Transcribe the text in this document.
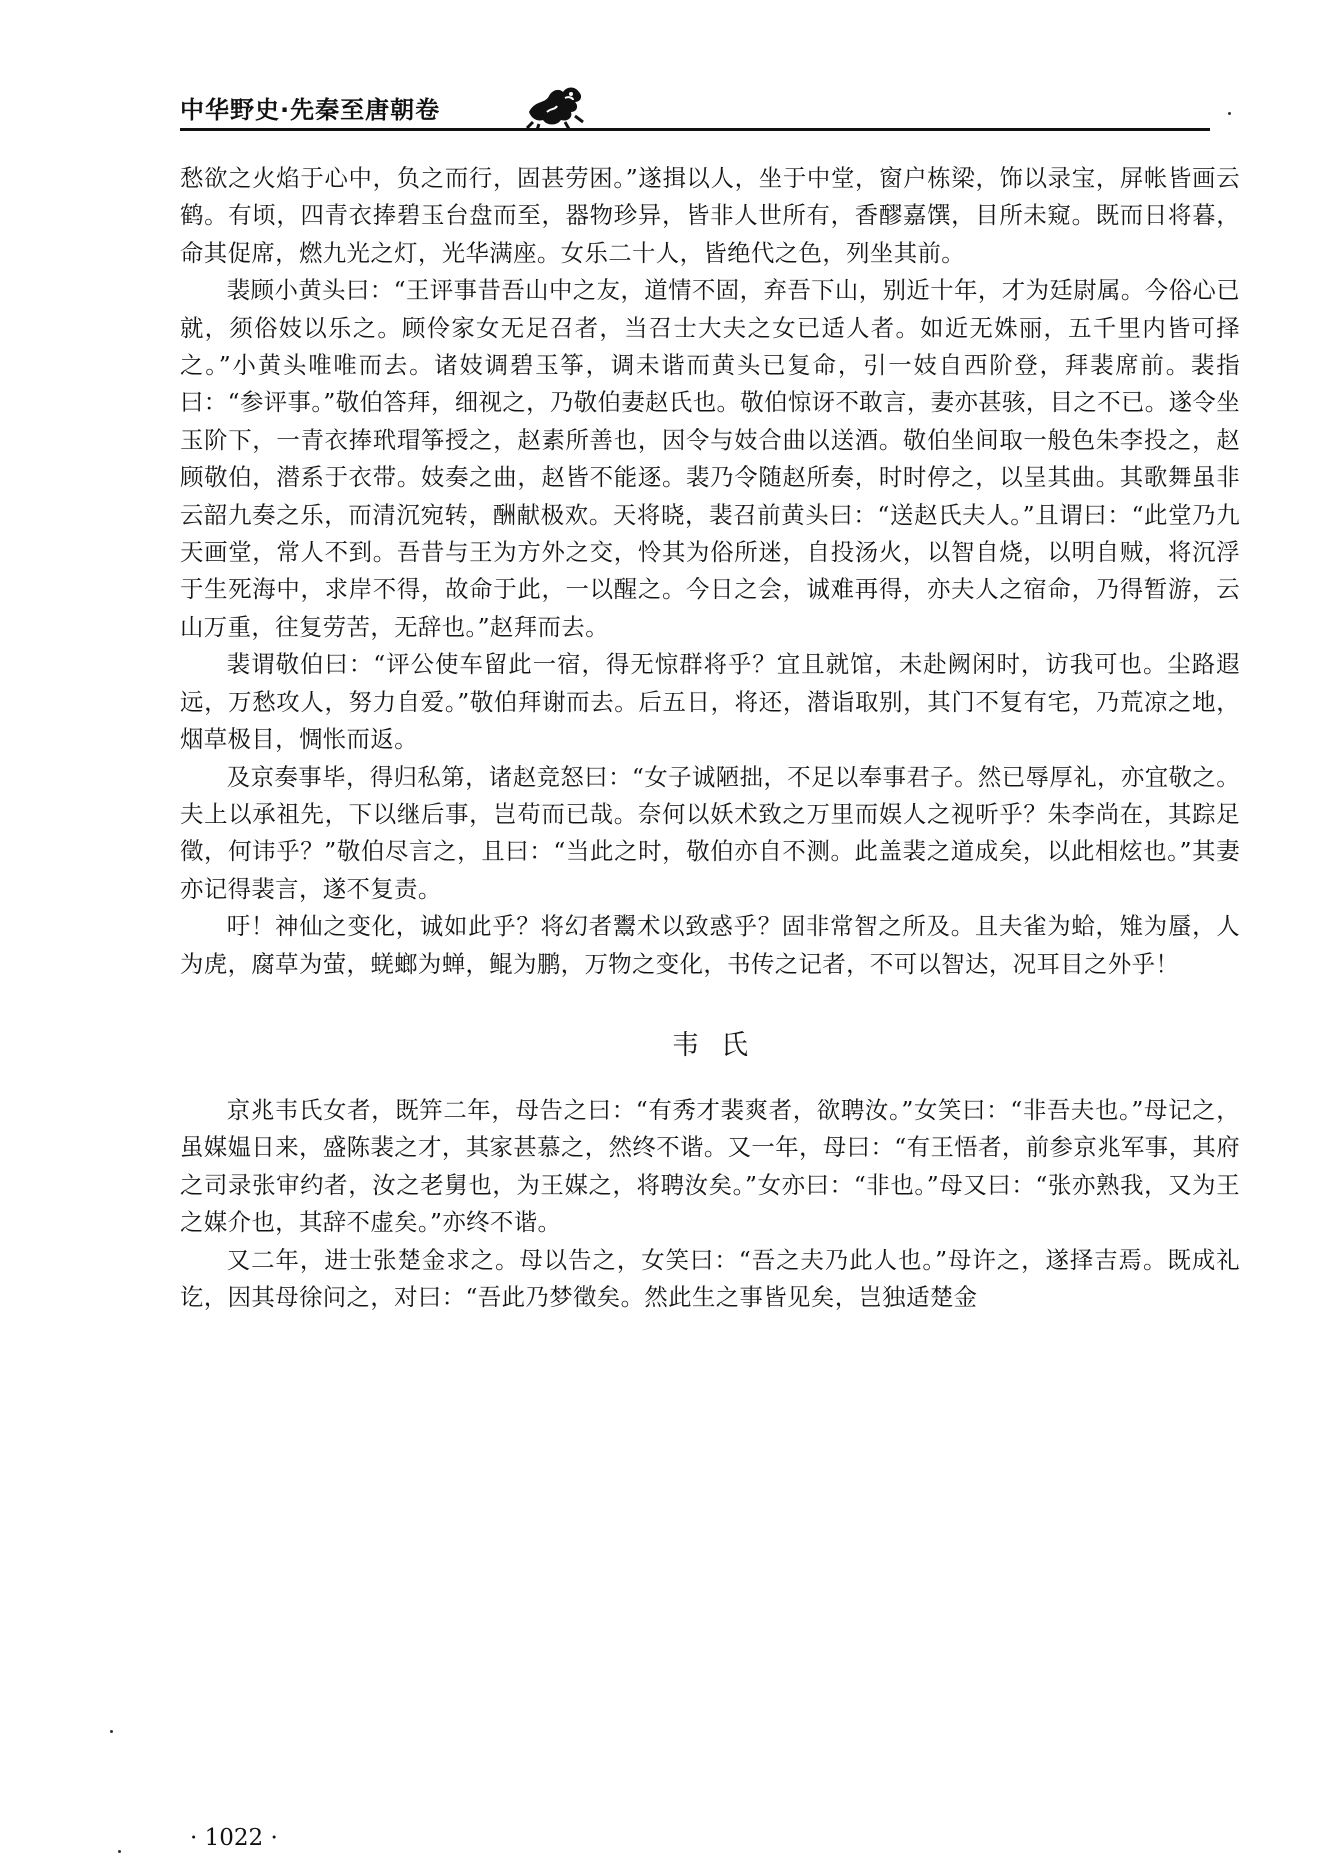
中华野史·先秦至唐朝卷

愁欲之火焰于心中，负之而行，固甚劳困。”遂揖以人，坐于中堂，窗户栋梁，饰以录宝，屏帐皆画云鹤。有顷，四青衣捧碧玉台盘而至，器物珍异，皆非人世所有，香醪嘉馔，目所未窥。既而日将暮，命其促席，燃九光之灯，光华满座。女乐二十人，皆绝代之色，列坐其前。

裴顾小黄头曰：“王评事昔吾山中之友，道情不固，弃吾下山，别近十年，才为廷尉属。今俗心已就，须俗妓以乐之。顾伶家女无足召者，当召士大夫之女已适人者。如近无姝丽，五千里内皆可择之。”小黄头唯唯而去。诸妓调碧玉筝，调未谐而黄头已复命，引一妓自西阶登，拜裴席前。裴指曰：“参评事。”敬伯答拜，细视之，乃敬伯妻赵氏也。敬伯惊讶不敢言，妻亦甚骇，目之不已。遂令坐玉阶下，一青衣捧玳瑁筝授之，赵素所善也，因令与妓合曲以送酒。敬伯坐间取一般色朱李投之，赵顾敬伯，潜系于衣带。妓奏之曲，赵皆不能逐。裴乃令随赵所奏，时时停之，以呈其曲。其歌舞虽非云韶九奏之乐，而清沉宛转，酬献极欢。天将晓，裴召前黄头曰：“送赵氏夫人。”且谓曰：“此堂乃九天画堂，常人不到。吾昔与王为方外之交，怜其为俗所迷，自投汤火，以智自烧，以明自贼，将沉浮于生死海中，求岸不得，故命于此，一以醒之。今日之会，诚难再得，亦夫人之宿命，乃得暂游，云山万重，往复劳苦，无辞也。”赵拜而去。

裴谓敬伯曰：“评公使车留此一宿，得无惊群将乎？宜且就馆，未赴阙闲时，访我可也。尘路遐远，万愁攻人，努力自爱。”敬伯拜谢而去。后五日，将还，潜诣取别，其门不复有宅，乃荒凉之地，烟草极目，惆怅而返。

及京奏事毕，得归私第，诸赵竞怒曰：“女子诚陋拙，不足以奉事君子。然已辱厚礼，亦宜敬之。夫上以承祖先，下以继后事，岂苟而已哉。奈何以妖术致之万里而娱人之视听乎？朱李尚在，其踪足徵，何讳乎？”敬伯尽言之，且曰：“当此之时，敬伯亦自不测。此盖裴之道成矣，以此相炫也。”其妻亦记得裴言，遂不复责。

吁！神仙之变化，诚如此乎？将幻者鬻术以致惑乎？固非常智之所及。且夫雀为蛤，雉为蜃，人为虎，腐草为萤，蜣螂为蝉，鲲为鹏，万物之变化，书传之记者，不可以智达，况耳目之外乎！

韦氏

京兆韦氏女者，既笄二年，母告之曰：“有秀才裴爽者，欲聘汝。”女笑曰：“非吾夫也。”母记之，虽媒媪日来，盛陈裴之才，其家甚慕之，然终不谐。又一年，母曰：“有王悟者，前参京兆军事，其府之司录张审约者，汝之老舅也，为王媒之，将聘汝矣。”女亦曰：“非也。”母又曰：“张亦熟我，又为王之媒介也，其辞不虚矣。”亦终不谐。

又二年，进士张楚金求之。母以告之，女笑曰：“吾之夫乃此人也。”母许之，遂择吉焉。既成礼讫，因其母徐问之，对曰：“吾此乃梦徵矣。然此生之事皆见矣，岂独适楚金

· 1022 ·
